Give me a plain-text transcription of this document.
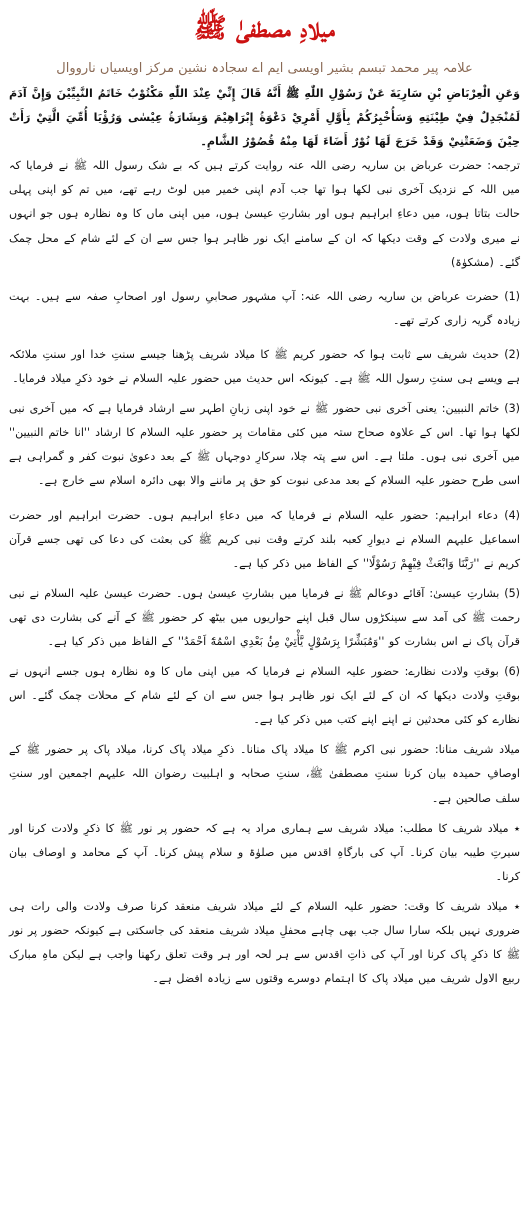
میلادِ مصطفیٰ ﷺ
علامہ پیر محمد تبسم بشیر اویسی ایم اے سجادہ نشین مرکز اویسیاں نارووال

وَعَنِ الْعِرْبَاضِ بْنِ سَارِيَةَ عَنْ رَسُوْلِ اللّٰهِ ﷺ أَنَّهُ قَالَ إِنِّيْ عِنْدَ اللّٰهِ مَكْتُوْبٌ خَاتَمُ النَّبِيِّيْنَ وَإِنَّ آدَمَ لَمُنْجَدِلٌ فِيْ طِيْنَتِهِ وَسَأُخْبِرُكُمْ بِأَوَّلِ أَمْرِيْ دَعْوَةُ إِبْرَاهِيْمَ وَبِشَارَةُ عِيْسٰى وَرُؤْيَا أُمِّيَ الَّتِيْ رَأَتْ حِيْنَ وَضَعَتْنِيْ وَقَدْ خَرَجَ لَهَا نُوْرٌ أَضَاءَ لَهَا مِنْهُ قُصُوْرُ الشَّامِ۔

ترجمہ: حضرت عرباض بن ساریہ رضی اللہ عنہ روایت کرتے ہیں کہ بے شک رسول اللہ ﷺ نے فرمایا کہ میں اللہ کے نزدیک آخری نبی لکھا ہوا تھا جب آدم اپنی خمیر میں لوٹ رہے تھے، میں تم کو اپنی پہلی حالت بتاتا ہوں، میں دعاءِ ابراہیم ہوں اور بشارتِ عیسیٰ ہوں، میں اپنی ماں کا وہ نظارہ ہوں جو انہوں نے میری ولادت کے وقت دیکھا کہ ان کے سامنے ایک نور ظاہر ہوا جس سے ان کے لئے شام کے محل چمک گئے۔ (مشکوٰۃ)

(1) حضرت عرباض بن ساریہ رضی اللہ عنہ: آپ مشہور صحابیِ رسول اور اصحابِ صفہ سے ہیں۔ بہت زیادہ گریہ زاری کرتے تھے۔

(2) حدیث شریف سے ثابت ہوا کہ حضور کریم ﷺ کا میلاد شریف پڑھنا جیسے سنتِ خدا اور سنتِ ملائکہ ہے ویسے ہی سنتِ رسول اللہ ﷺ ہے۔ کیونکہ اس حدیث میں حضور علیہ السلام نے خود ذکرِ میلاد فرمایا۔

(3) خاتم النبیین: یعنی آخری نبی حضور ﷺ نے خود اپنی زبانِ اطہر سے ارشاد فرمایا ہے کہ میں آخری نبی لکھا ہوا تھا۔ اس کے علاوہ صحاح ستہ میں کئی مقامات پر حضور علیہ السلام کا ارشاد ''انا خاتم النبیین'' میں آخری نبی ہوں۔ ملتا ہے۔ اس سے پتہ چلا، سرکارِ دوجہاں ﷺ کے بعد دعویٰ نبوت کفر و گمراہی ہے اسی طرح حضور علیہ السلام کے بعد مدعی نبوت کو حق پر ماننے والا بھی دائرہ اسلام سے خارج ہے۔

(4) دعاء ابراہیم: حضور علیہ السلام نے فرمایا کہ میں دعاءِ ابراہیم ہوں۔ حضرت ابراہیم اور حضرت اسماعیل علیہم السلام نے دیوارِ کعبہ بلند کرتے وقت نبی کریم ﷺ کی بعثت کی دعا کی تھی جسے قرآن کریم نے ''رَبَّنَا وَابْعَثْ فِيْهِمْ رَسُوْلًا'' کے الفاظ میں ذکر کیا ہے۔

(5) بشارتِ عیسیٰ: آقائے دوعالم ﷺ نے فرمایا میں بشارتِ عیسیٰ ہوں۔ حضرت عیسیٰ علیہ السلام نے نبی رحمت ﷺ کی آمد سے سینکڑوں سال قبل اپنے حواریوں میں بیٹھ کر حضور ﷺ کے آنے کی بشارت دی تھی قرآن پاک نے اس بشارت کو ''وَمُبَشِّرًا بِرَسُوْلٍ يَّأْتِيْ مِنْۢ بَعْدِي اسْمُهٗٓ اَحْمَدُ'' کے الفاظ میں ذکر کیا ہے۔

(6) بوقتِ ولادت نظارے: حضور علیہ السلام نے فرمایا کہ میں اپنی ماں کا وہ نظارہ ہوں جسے انہوں نے بوقتِ ولادت دیکھا کہ ان کے لئے ایک نور ظاہر ہوا جس سے ان کے لئے شام کے محلات چمک گئے۔ اس نظارے کو کئی محدثین نے اپنے اپنے کتب میں ذکر کیا ہے۔

میلاد شریف منانا: حضور نبی اکرم ﷺ کا میلاد پاک منانا۔ ذکرِ میلاد پاک کرنا، میلاد پاک پر حضور ﷺ کے اوصافِ حمیدہ بیان کرنا سنتِ مصطفیٰ ﷺ، سنتِ صحابہ و اہلبیت رضوان اللہ علیہم اجمعین اور سنتِ سلف صالحین ہے۔

٭ میلاد شریف کا مطلب: میلاد شریف سے ہماری مراد یہ ہے کہ حضور پر نور ﷺ کا ذکرِ ولادت کرنا اور سیرتِ طیبہ بیان کرنا۔ آپ کی بارگاہِ اقدس میں صلوٰۃ و سلام پیش کرنا۔ آپ کے محامد و اوصاف بیان کرنا۔

٭ میلاد شریف کا وقت: حضور علیہ السلام کے لئے میلاد شریف منعقد کرنا صرف ولادت والی رات ہی ضروری نہیں بلکہ سارا سال جب بھی چاہے محفلِ میلاد شریف منعقد کی جاسکتی ہے کیونکہ حضور پر نور ﷺ کا ذکرِ پاک کرنا اور آپ کی ذاتِ اقدس سے ہر لحہ اور ہر وقت تعلق رکھنا واجب ہے لیکن ماہِ مبارک ربیع الاول شریف میں میلاد پاک کا اہتمام دوسرے وقتوں سے زیادہ افضل ہے۔
